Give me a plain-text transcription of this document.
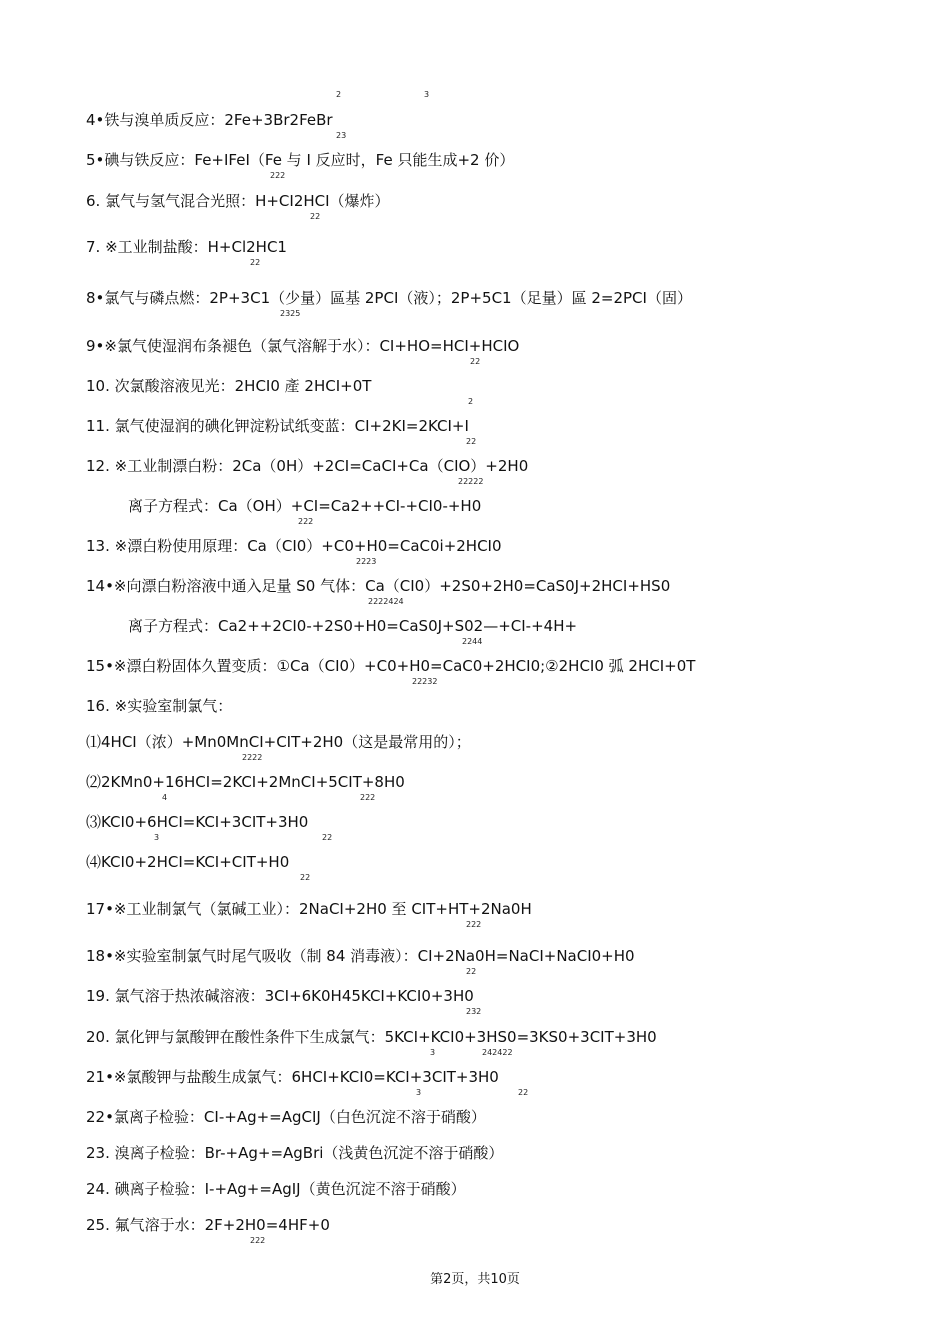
2	3
4•铁与溴单质反应：2Fe+3Br2FeBr
23
5•碘与铁反应：Fe+IFeI（Fe 与 I 反应时，Fe 只能生成+2 价）
222
6. 氯气与氢气混合光照：H+CI2HCI（爆炸）
22
7. ※工业制盐酸：H+Cl2HC1
22
8•氯气与磷点燃：2P+3C1（少量）區基 2PCI（液）；2P+5C1（足量）區 2=2PCI（固）
2325
9•※氯气使湿润布条褪色（氯气溶解于水）：CI+HO=HCI+HCIO
22
10. 次氯酸溶液见光：2HCI0 產 2HCI+0T
2
11. 氯气使湿润的碘化钾淀粉试纸变蓝：CI+2KI=2KCI+I
22
12. ※工业制漂白粉：2Ca（0H）+2CI=CaCI+Ca（CIO）+2H0
22222
离子方程式：Ca（OH）+CI=Ca2++CI-+CI0-+H0
222
13. ※漂白粉使用原理：Ca（CI0）+C0+H0=CaC0i+2HCI0
2223
14•※向漂白粉溶液中通入足量 S0 气体：Ca（CI0）+2S0+2H0=CaS0J+2HCI+HS0
2222424
离子方程式：Ca2++2CI0-+2S0+H0=CaS0J+S02—+CI-+4H+
2244
15•※漂白粉固体久置变质：①Ca（CI0）+C0+H0=CaC0+2HCI0;②2HCI0 弧 2HCI+0T
22232
16. ※实验室制氯气：
⑴4HCI（浓）+Mn0MnCI+CIT+2H0（这是最常用的）；
2222
⑵2KMn0+16HCI=2KCI+2MnCI+5CIT+8H0
4	222
⑶KCI0+6HCI=KCI+3CIT+3H0
3	22
⑷KCI0+2HCI=KCI+CIT+H0
22
17•※工业制氯气（氯碱工业）：2NaCI+2H0 至 CIT+HT+2Na0H
222
18•※实验室制氯气时尾气吸收（制 84 消毒液）：CI+2Na0H=NaCI+NaCI0+H0
22
19. 氯气溶于热浓碱溶液：3CI+6K0H45KCI+KCI0+3H0
232
20. 氯化钾与氯酸钾在酸性条件下生成氯气：5KCI+KCI0+3HS0=3KS0+3CIT+3H0
3	242422
21•※氯酸钾与盐酸生成氯气：6HCI+KCI0=KCI+3CIT+3H0
3	22
22•氯离子检验：CI-+Ag+=AgCIJ（白色沉淀不溶于硝酸）
23. 溴离子检验：Br-+Ag+=AgBri（浅黄色沉淀不溶于硝酸）
24. 碘离子检验：I-+Ag+=AgIJ（黄色沉淀不溶于硝酸）
25. 氟气溶于水：2F+2H0=4HF+0
222
第2页，共10页
